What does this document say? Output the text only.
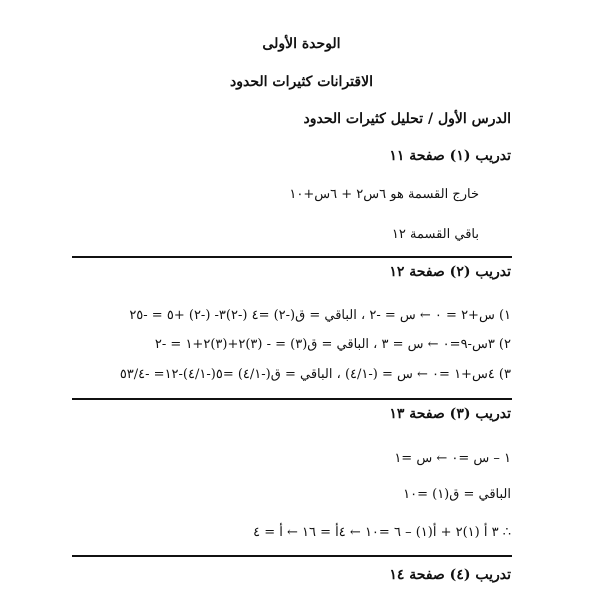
الوحدة الأولى
الاقترانات كثيرات الحدود
الدرس الأول / تحليل كثيرات الحدود
تدريب (١) صفحة ١١
خارج القسمة هو ٦س٢ + ٦س+١٠
باقي القسمة ١٢
تدريب (٢) صفحة ١٢
١) س+٢ = ٠ ← س = -٢ ، الباقي = ق(-٢) =٤ (-٢)٣- (-٢) +٥ = -٢٥
٢) ٣س-٩=٠ ← س = ٣ ، الباقي = ق(٣) = - (٣)٢+(٣)٢+١ = -٢
٣) ٤س+١ =٠ ← س = (-٤/١) ، الباقي = ق(-٤/١) =٥(-٤/١)-١٢= -٥٣/٤
تدريب (٣) صفحة ١٣
١ – س =٠ ← س =١
الباقي = ق(١) =١٠
∴ ٣ أ (١)٢ + أ(١) – ٦ =١٠ ← ٤أ = ١٦ ← أ = ٤
تدريب (٤) صفحة ١٤
